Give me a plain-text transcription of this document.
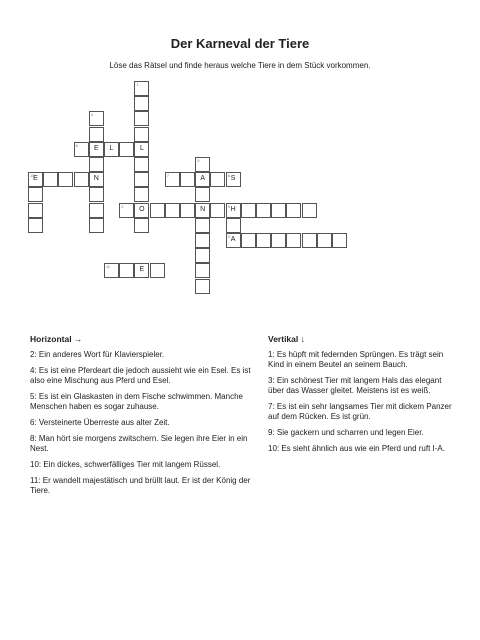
Der Karneval der Tiere
Löse das Rätsel und finde heraus welche Tiere in dem Stück vorkommen.
1
4
6	E	L	L
5
10
E	N	7	A	8 S
2	O	N	9 H
3 A
11	E
Horizontal →
2: Ein anderes Wort für Klavierspieler.
4: Es ist eine Pferdeart die jedoch aussieht wie ein Esel. Es ist also eine Mischung aus Pferd und Esel.
5: Es ist ein Glaskasten in dem Fische schwimmen. Manche Menschen haben es sogar zuhause.
6: Versteinerte Überreste aus alter Zeit.
8: Man hört sie morgens zwitschern. Sie legen ihre Eier in ein Nest.
10: Ein dickes, schwerfälliges Tier mit langem Rüssel.
11: Er wandelt majestätisch und brüllt laut. Er ist der König der Tiere.
Vertikal ↓
1: Es hüpft mit federnden Sprüngen. Es trägt sein Kind in einem Beutel an seinem Bauch.
3: Ein schönest Tier mit langem Hals das elegant über das Wasser gleitet. Meistens ist es weiß.
7: Es ist ein sehr langsames Tier mit dickem Panzer auf dem Rücken. Es ist grün.
9: Sie gackern und scharren und legen Eier.
10: Es sieht ähnlich aus wie ein Pferd und ruft I-A.
